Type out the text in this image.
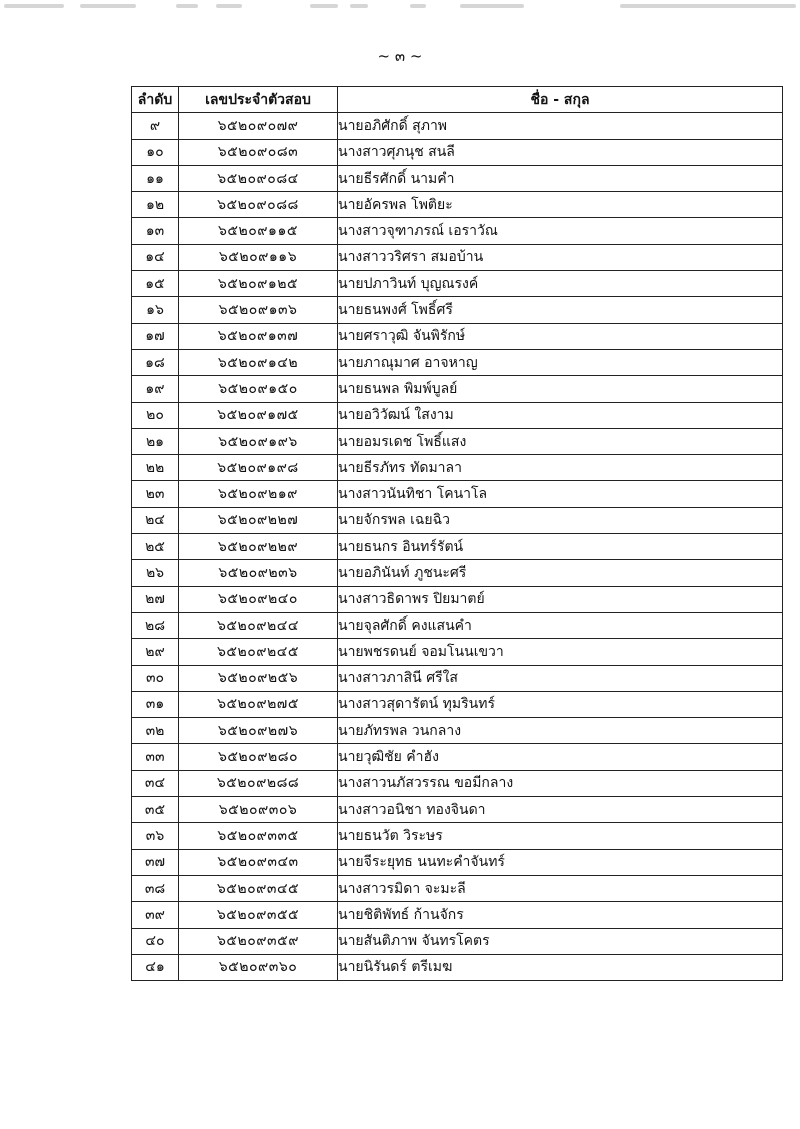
~ ๓ ~
ลำดับ	เลขประจำตัวสอบ	ชื่อ - สกุล
๙	๖๕๒๐๙๐๗๙	นายอภิศักดิ์ สุภาพ
๑๐	๖๕๒๐๙๐๘๓	นางสาวศุภนุช สนลี
๑๑	๖๕๒๐๙๐๘๔	นายธีรศักดิ์ นามคำ
๑๒	๖๕๒๐๙๐๘๘	นายอัครพล โพติยะ
๑๓	๖๕๒๐๙๑๑๕	นางสาวจุฑาภรณ์ เอราวัณ
๑๔	๖๕๒๐๙๑๑๖	นางสาววริศรา สมอบ้าน
๑๕	๖๕๒๐๙๑๒๕	นายปภาวินท์ บุญณรงค์
๑๖	๖๕๒๐๙๑๓๖	นายธนพงศ์ โพธิ์ศรี
๑๗	๖๕๒๐๙๑๓๗	นายศราวุฒิ จันพิรักษ์
๑๘	๖๕๒๐๙๑๔๒	นายภาณุมาศ อาจหาญ
๑๙	๖๕๒๐๙๑๕๐	นายธนพล พิมพ์บูลย์
๒๐	๖๕๒๐๙๑๗๕	นายอวิวัฒน์ ใสงาม
๒๑	๖๕๒๐๙๑๙๖	นายอมรเดช โพธิ์แสง
๒๒	๖๕๒๐๙๑๙๘	นายธีรภัทร ทัดมาลา
๒๓	๖๕๒๐๙๒๑๙	นางสาวนันทิชา โคนาโล
๒๔	๖๕๒๐๙๒๒๗	นายจักรพล เฉยฉิว
๒๕	๖๕๒๐๙๒๒๙	นายธนกร อินทร์รัตน์
๒๖	๖๕๒๐๙๒๓๖	นายอภินันท์ ภูชนะศรี
๒๗	๖๕๒๐๙๒๔๐	นางสาวธิดาพร ปิยมาตย์
๒๘	๖๕๒๐๙๒๔๔	นายจุลศักดิ์ คงแสนคำ
๒๙	๖๕๒๐๙๒๔๕	นายพชรดนย์ จอมโนนเขวา
๓๐	๖๕๒๐๙๒๕๖	นางสาวภาสินี ศรีใส
๓๑	๖๕๒๐๙๒๗๕	นางสาวสุดารัตน์ ทุมรินทร์
๓๒	๖๕๒๐๙๒๗๖	นายภัทรพล วนกลาง
๓๓	๖๕๒๐๙๒๘๐	นายวุฒิชัย คำฮัง
๓๔	๖๕๒๐๙๒๘๘	นางสาวนภัสวรรณ ขอมีกลาง
๓๕	๖๕๒๐๙๓๐๖	นางสาวอนิชา ทองจินดา
๓๖	๖๕๒๐๙๓๓๕	นายธนวัต วิระษร
๓๗	๖๕๒๐๙๓๔๓	นายจีระยุทธ นนทะคำจันทร์
๓๘	๖๕๒๐๙๓๔๕	นางสาวรมิดา จะมะลี
๓๙	๖๕๒๐๙๓๕๕	นายชิติพัทธ์ ก้านจักร
๔๐	๖๕๒๐๙๓๕๙	นายสันติภาพ จันทรโคตร
๔๑	๖๕๒๐๙๓๖๐	นายนิรันดร์ ตรีเมฆ
